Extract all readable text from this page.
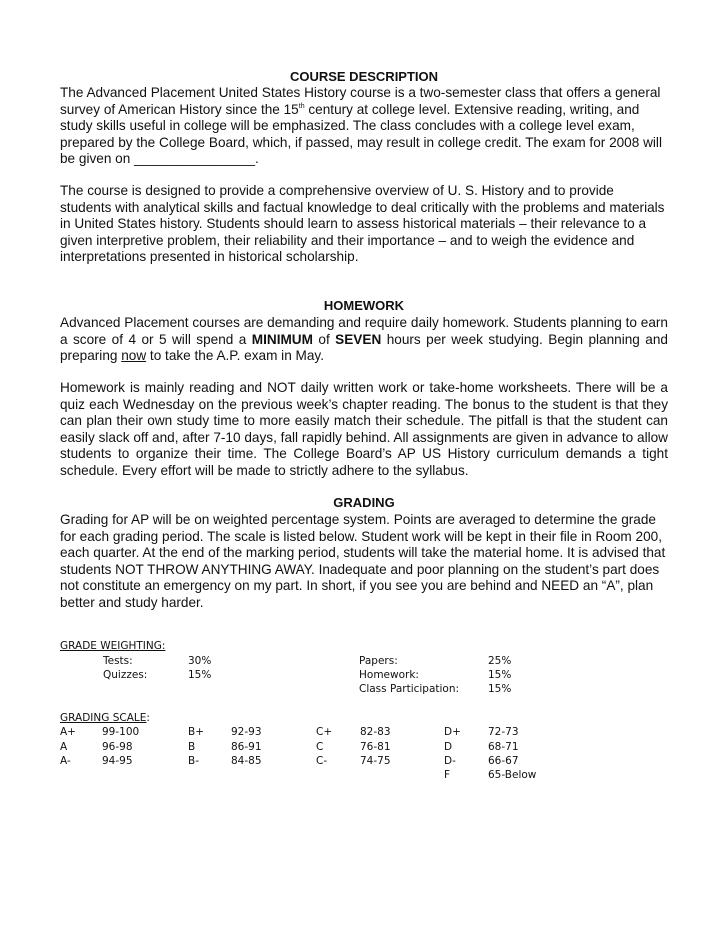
COURSE DESCRIPTION

The Advanced Placement United States History course is a two-semester class that offers a general survey of American History since the 15th century at college level. Extensive reading, writing, and study skills useful in college will be emphasized. The class concludes with a college level exam, prepared by the College Board, which, if passed, may result in college credit. The exam for 2008 will be given on ________________.

The course is designed to provide a comprehensive overview of U. S. History and to provide students with analytical skills and factual knowledge to deal critically with the problems and materials in United States history. Students should learn to assess historical materials – their relevance to a given interpretive problem, their reliability and their importance – and to weigh the evidence and interpretations presented in historical scholarship.

HOMEWORK

Advanced Placement courses are demanding and require daily homework. Students planning to earn a score of 4 or 5 will spend a MINIMUM of SEVEN hours per week studying. Begin planning and preparing now to take the A.P. exam in May.

Homework is mainly reading and NOT daily written work or take-home worksheets. There will be a quiz each Wednesday on the previous week’s chapter reading. The bonus to the student is that they can plan their own study time to more easily match their schedule. The pitfall is that the student can easily slack off and, after 7-10 days, fall rapidly behind. All assignments are given in advance to allow students to organize their time. The College Board’s AP US History curriculum demands a tight schedule. Every effort will be made to strictly adhere to the syllabus.

GRADING

Grading for AP will be on weighted percentage system. Points are averaged to determine the grade for each grading period. The scale is listed below. Student work will be kept in their file in Room 200, each quarter. At the end of the marking period, students will take the material home. It is advised that students NOT THROW ANYTHING AWAY. Inadequate and poor planning on the student’s part does not constitute an emergency on my part. In short, if you see you are behind and NEED an “A”, plan better and study harder.

GRADE WEIGHTING:
Tests:	30%	Papers:	25%
Quizzes:	15%	Homework:	15%
Class Participation:	15%
GRADING SCALE:
A+ 99-100	B+	92-93	C+	82-83	D+	72-73
A	96-98	B	86-91	C	76-81	D	68-71
A-	94-95	B-	84-85	C-	74-75	D-	66-67
F	65-Below
